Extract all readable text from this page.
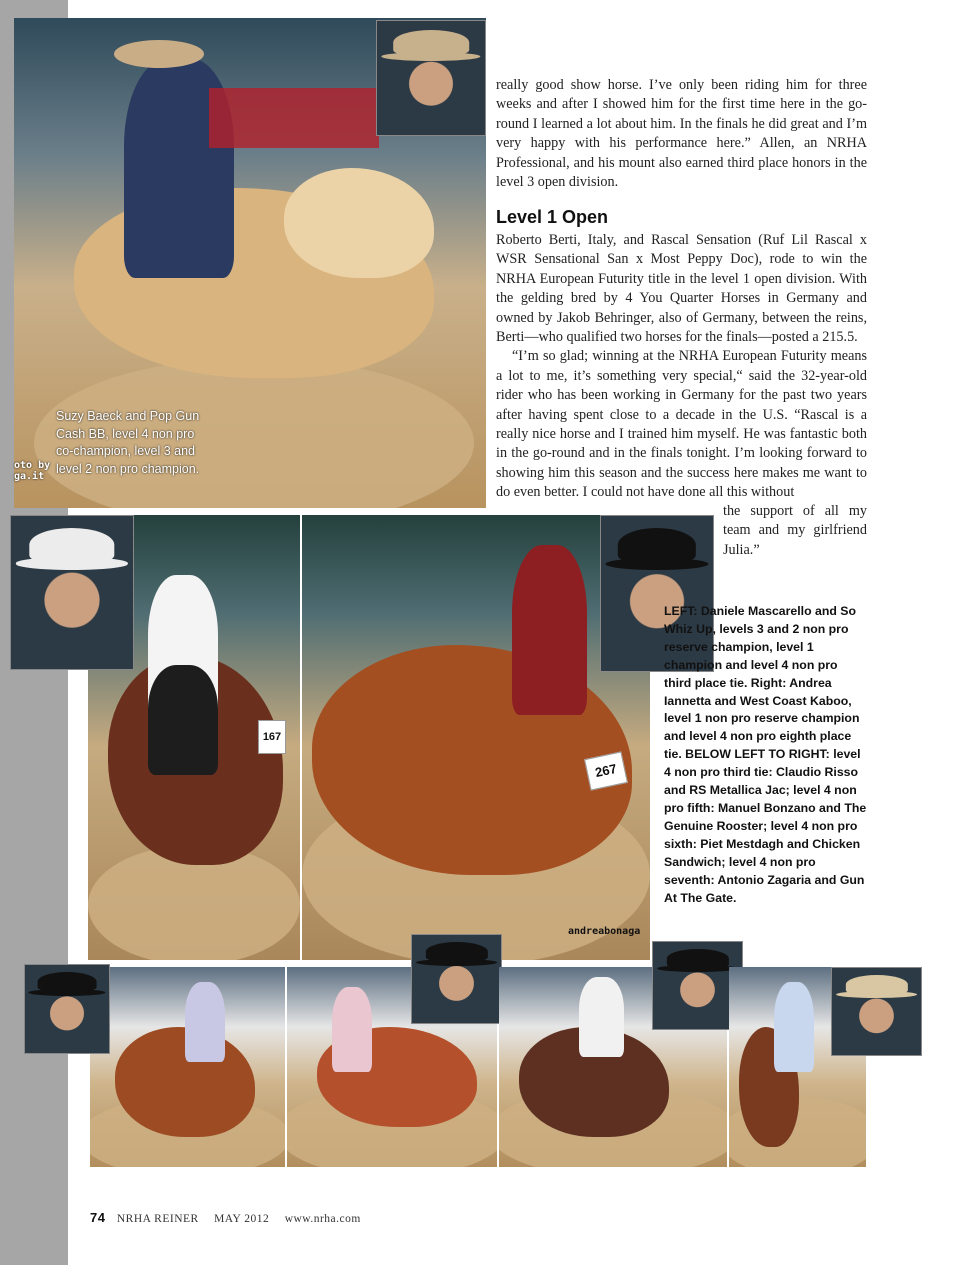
Suzy Baeck and Pop Gun Cash BB, level 4 non pro co-champion, level 3 and level 2 non pro champion.
oto by ga.it

really good show horse. I’ve only been riding him for three weeks and after I showed him for the first time here in the go-round I learned a lot about him. In the finals he did great and I’m very happy with his performance here.” Allen, an NRHA Professional, and his mount also earned third place honors in the level 3 open division.

Level 1 Open

Roberto Berti, Italy, and Rascal Sensation (Ruf Lil Rascal x WSR Sensational San x Most Peppy Doc), rode to win the NRHA European Futurity title in the level 1 open division. With the gelding bred by 4 You Quarter Horses in Germany and owned by Jakob Behringer, also of Germany, between the reins, Berti—who qualified two horses for the finals—posted a 215.5.

“I’m so glad; winning at the NRHA European Futurity means a lot to me, it’s something very special,“ said the 32-year-old rider who has been working in Germany for the past two years after having spent close to a decade in the U.S. “Rascal is a really nice horse and I trained him myself. He was fantastic both in the go-round and in the finals tonight. I’m looking forward to showing him this season and the success here makes me want to do even better. I could not have done all this without

the support of all my team and my girlfriend Julia.”

167
267
andreabonaga
LEFT: Daniele Mascarello and So Whiz Up, levels 3 and 2 non pro reserve champion, level 1 champion and level 4 non pro third place tie. Right: Andrea Iannetta and West Coast Kaboo, level 1 non pro reserve champion and level 4 non pro eighth place tie. BELOW LEFT TO RIGHT: level 4 non pro third tie: Claudio Risso and RS Metallica Jac; level 4 non pro fifth: Manuel Bonzano and The Genuine Rooster; level 4 non pro sixth: Piet Mestdagh and Chicken Sandwich; level 4 non pro seventh: Antonio Zagaria and Gun At The Gate.
74 NRHA REINER MAY 2012 www.nrha.com
